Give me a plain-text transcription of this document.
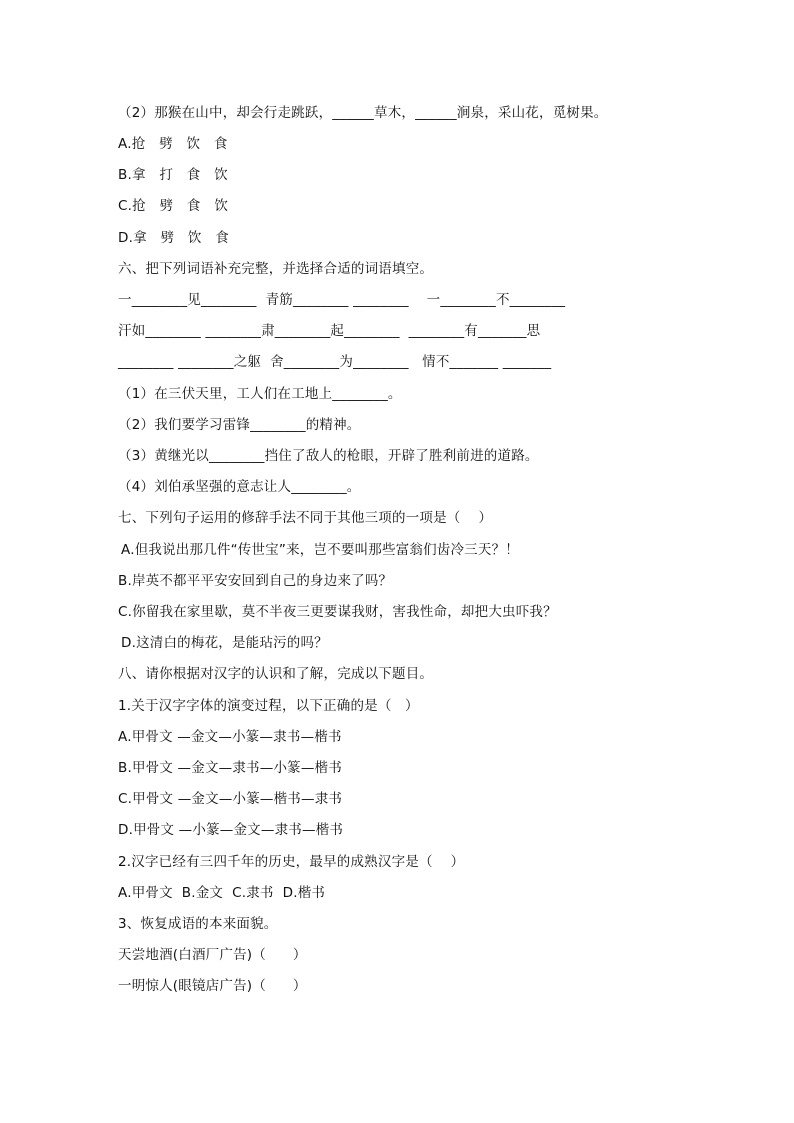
（2）那猴在山中，却会行走跳跃，______草木，______涧泉，采山花，觅树果。
A.抢　劈　饮　食
B.拿　打　食　饮
C.抢　劈　食　饮
D.拿　劈　饮　食
六、把下列词语补充完整，并选择合适的词语填空。
一________见________  青筋________ ________    一________不________
汗如________ ________肃________起________  ________有_______思
________ ________之躯  舍________为________   情不_______ _______
（1）在三伏天里，工人们在工地上________。
（2）我们要学习雷锋________的精神。
（3）黄继光以________挡住了敌人的枪眼，开辟了胜利前进的道路。
（4）刘伯承坚强的意志让人________。
七、下列句子运用的修辞手法不同于其他三项的一项是（    ）
A.但我说出那几件“传世宝”来，岂不要叫那些富翁们齿冷三天？！
B.岸英不都平平安安回到自己的身边来了吗？
C.你留我在家里歇，莫不半夜三更要谋我财，害我性命，却把大虫吓我？
D.这清白的梅花，是能玷污的吗？
八、请你根据对汉字的认识和了解，完成以下题目。
1.关于汉字字体的演变过程，以下正确的是（   ）
A.甲骨文 —金文—小篆—隶书—楷书
B.甲骨文 —金文—隶书—小篆—楷书
C.甲骨文 —金文—小篆—楷书—隶书
D.甲骨文 —小篆—金文—隶书—楷书
2.汉字已经有三四千年的历史，最早的成熟汉字是（    ）
A.甲骨文  B.金文  C.隶书  D.楷书
3、恢复成语的本来面貌。
天尝地酒(白酒厂广告)（      ）
一明惊人(眼镜店广告)（      ）
